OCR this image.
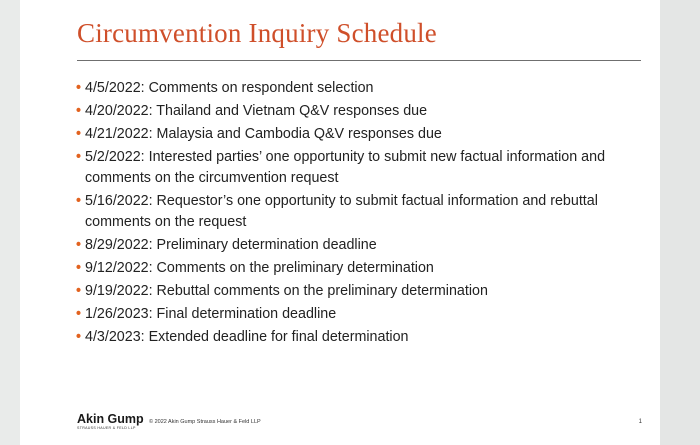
Circumvention Inquiry Schedule
• 4/5/2022: Comments on respondent selection
• 4/20/2022: Thailand and Vietnam Q&V responses due
• 4/21/2022: Malaysia and Cambodia Q&V responses due
• 5/2/2022: Interested parties’ one opportunity to submit new factual information and comments on the circumvention request
• 5/16/2022: Requestor’s one opportunity to submit factual information and rebuttal comments on the request
• 8/29/2022: Preliminary determination deadline
• 9/12/2022: Comments on the preliminary determination
• 9/19/2022: Rebuttal comments on the preliminary determination
• 1/26/2023: Final determination deadline
• 4/3/2023: Extended deadline for final determination
Akin Gump
STRAUSS HAUER & FELD LLP
© 2022 Akin Gump Strauss Hauer & Feld LLP	1
